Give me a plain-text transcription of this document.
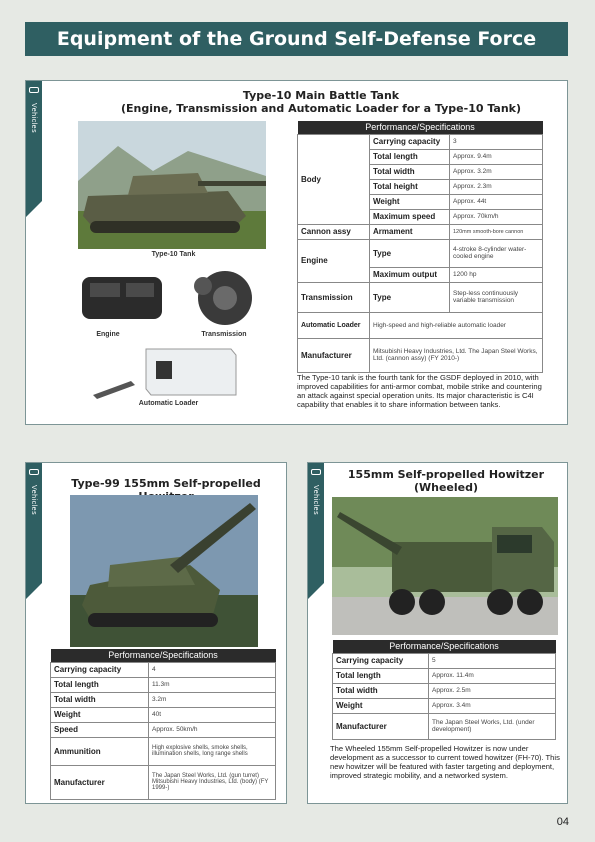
Equipment of the Ground Self-Defense Force
Vehicles
Type-10 Main Battle Tank
(Engine, Transmission and Automatic Loader for a Type-10 Tank)
Type-10 Tank
Engine	Transmission
Automatic Loader
Performance/Specifications		
Body	Carrying capacity	3
	Total length	Approx. 9.4m
	Total width	Approx. 3.2m
	Total height	Approx. 2.3m
	Weight	Approx. 44t
	Maximum speed	Approx. 70km/h
Cannon assy	Armament	120mm smooth-bore cannon
Engine	Type	4-stroke 8-cylinder water-cooled engine
	Maximum output	1200 hp
Transmission	Type	Step-less continuously variable transmission
Automatic Loader	High-speed and high-reliable automatic loader	
Manufacturer	Mitsubishi Heavy Industries, Ltd. The Japan Steel Works, Ltd. (cannon assy) (FY 2010-)	
The Type-10 tank is the fourth tank for the GSDF deployed in 2010, with improved capabilities for anti-armor combat, mobile strike and countering an attack against special operation units. Its major characteristic is C4I capability that enables it to share information between tanks.
Vehicles
Type-99 155mm Self-propelled
Performance/Specifications	
Carrying capacity	4
Total length	11.3m
Total width	3.2m
Weight	40t
Speed	Approx. 50km/h
Ammunition	High explosive shells, smoke shells, illumination shells, long range shells
Manufacturer	The Japan Steel Works, Ltd. (gun turret) Mitsubishi Heavy Industries, Ltd. (body) (FY 1999-)
Vehicles
155mm Self-propelled Howitzer
(Wheeled)
Performance/Specifications	
Carrying capacity	5
Total length	Approx. 11.4m
Total width	Approx. 2.5m
Weight	Approx. 3.4m
Manufacturer	The Japan Steel Works, Ltd. (under development)
The Wheeled 155mm Self-propelled Howitzer is now under development as a successor to current towed howitzer (FH-70). This new howitzer will be featured with faster targeting and deployment, improved strategic mobility, and a networked system.
04
